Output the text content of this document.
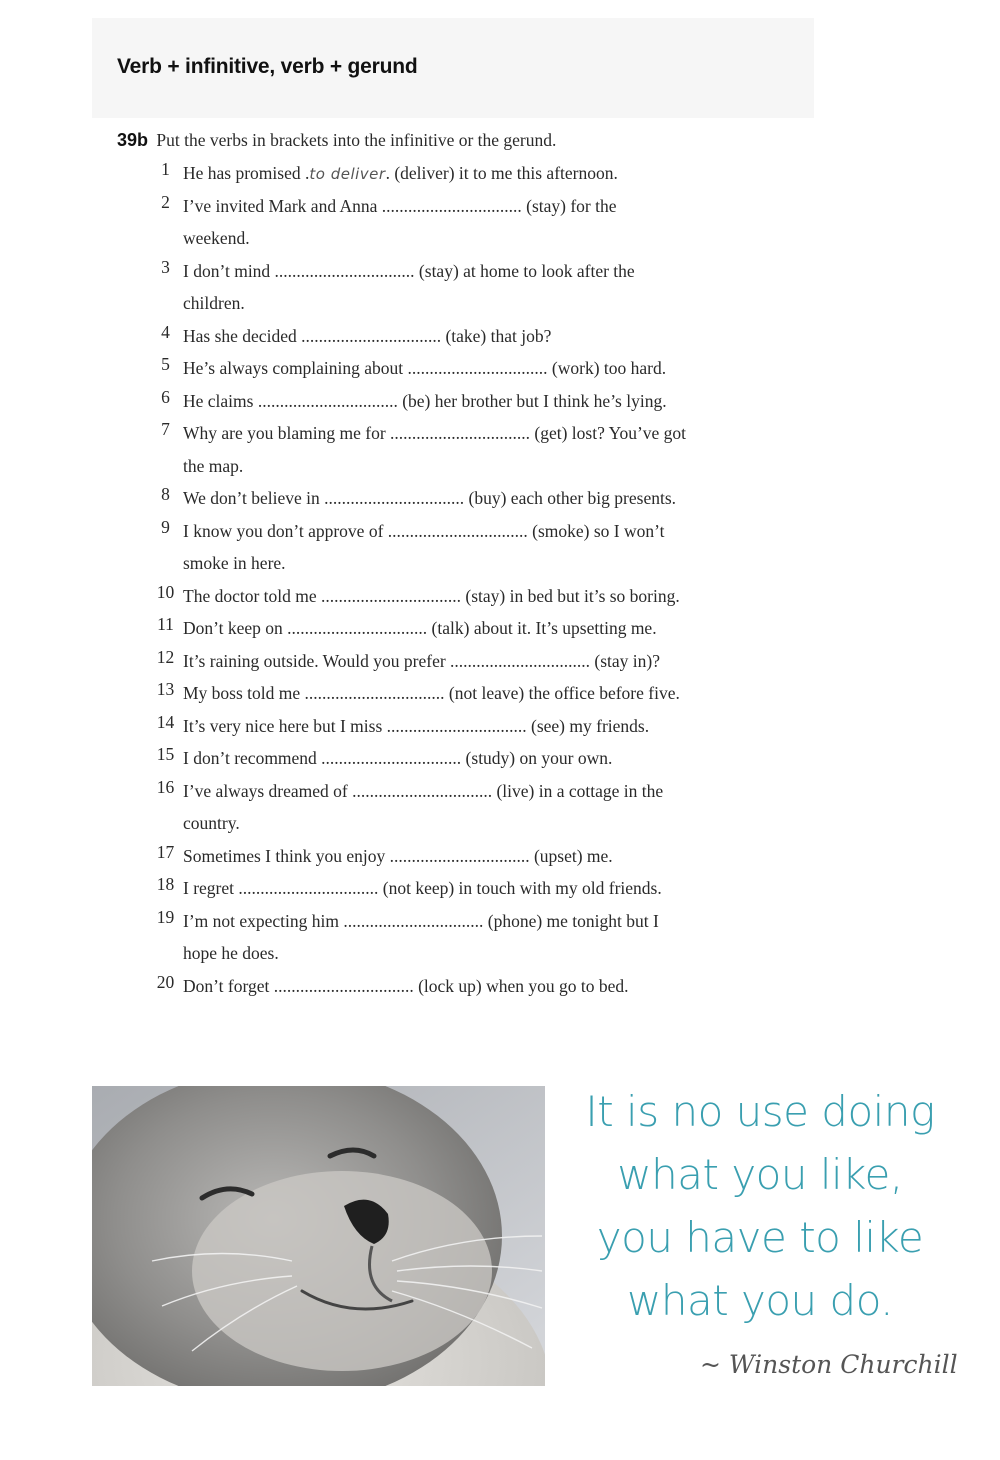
Verb + infinitive, verb + gerund
39b Put the verbs in brackets into the infinitive or the gerund.
1 He has promised .to deliver. (deliver) it to me this afternoon.
2 I’ve invited Mark and Anna ................................ (stay) for the
weekend.
3 I don’t mind ................................ (stay) at home to look after the
children.
4 Has she decided ................................ (take) that job?
5 He’s always complaining about ................................ (work) too hard.
6 He claims ................................ (be) her brother but I think he’s lying.
7 Why are you blaming me for ................................ (get) lost? You’ve got
the map.
8 We don’t believe in ................................ (buy) each other big presents.
9 I know you don’t approve of ................................ (smoke) so I won’t
smoke in here.
10 The doctor told me ................................ (stay) in bed but it’s so boring.
11 Don’t keep on ................................ (talk) about it. It’s upsetting me.
12 It’s raining outside. Would you prefer ................................ (stay in)?
13 My boss told me ................................ (not leave) the office before five.
14 It’s very nice here but I miss ................................ (see) my friends.
15 I don’t recommend ................................ (study) on your own.
16 I’ve always dreamed of ................................ (live) in a cottage in the
country.
17 Sometimes I think you enjoy ................................ (upset) me.
18 I regret ................................ (not keep) in touch with my old friends.
19 I’m not expecting him ................................ (phone) me tonight but I
hope he does.
20 Don’t forget ................................ (lock up) when you go to bed.
It is no use doing
what you like,
you have to like
what you do.
~ Winston Churchill
